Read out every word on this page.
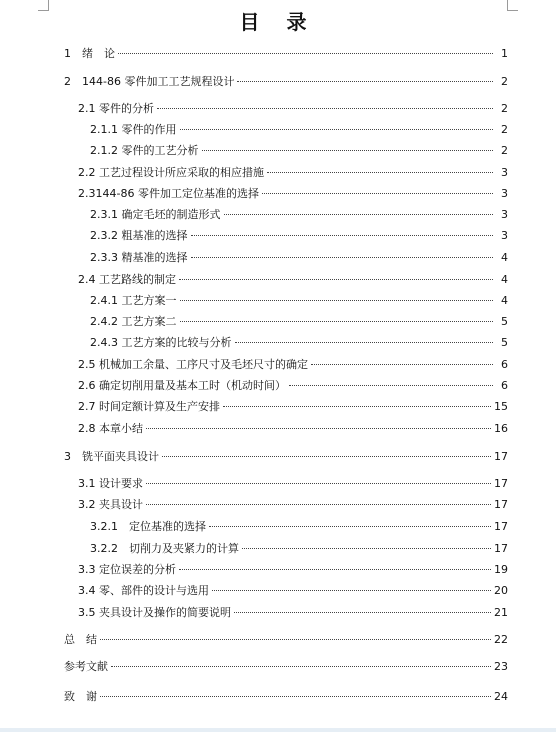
目 录
1　绪　论	1
2　144-86 零件加工工艺规程设计	2
2.1 零件的分析	2
2.1.1 零件的作用	2
2.1.2 零件的工艺分析	2
2.2 工艺过程设计所应采取的相应措施	3
2.3144-86 零件加工定位基准的选择	3
2.3.1 确定毛坯的制造形式	3
2.3.2 粗基准的选择	3
2.3.3 精基准的选择	4
2.4 工艺路线的制定	4
2.4.1 工艺方案一	4
2.4.2 工艺方案二	5
2.4.3 工艺方案的比较与分析	5
2.5 机械加工余量、工序尺寸及毛坯尺寸的确定	6
2.6 确定切削用量及基本工时（机动时间）	6
2.7 时间定额计算及生产安排	15
2.8 本章小结	16
3　铣平面夹具设计	17
3.1 设计要求	17
3.2 夹具设计	17
3.2.1　定位基准的选择	17
3.2.2　切削力及夹紧力的计算	17
3.3 定位误差的分析	19
3.4 零、部件的设计与选用	20
3.5 夹具设计及操作的简要说明	21
总　结	22
参考文献	23
致　谢	24
